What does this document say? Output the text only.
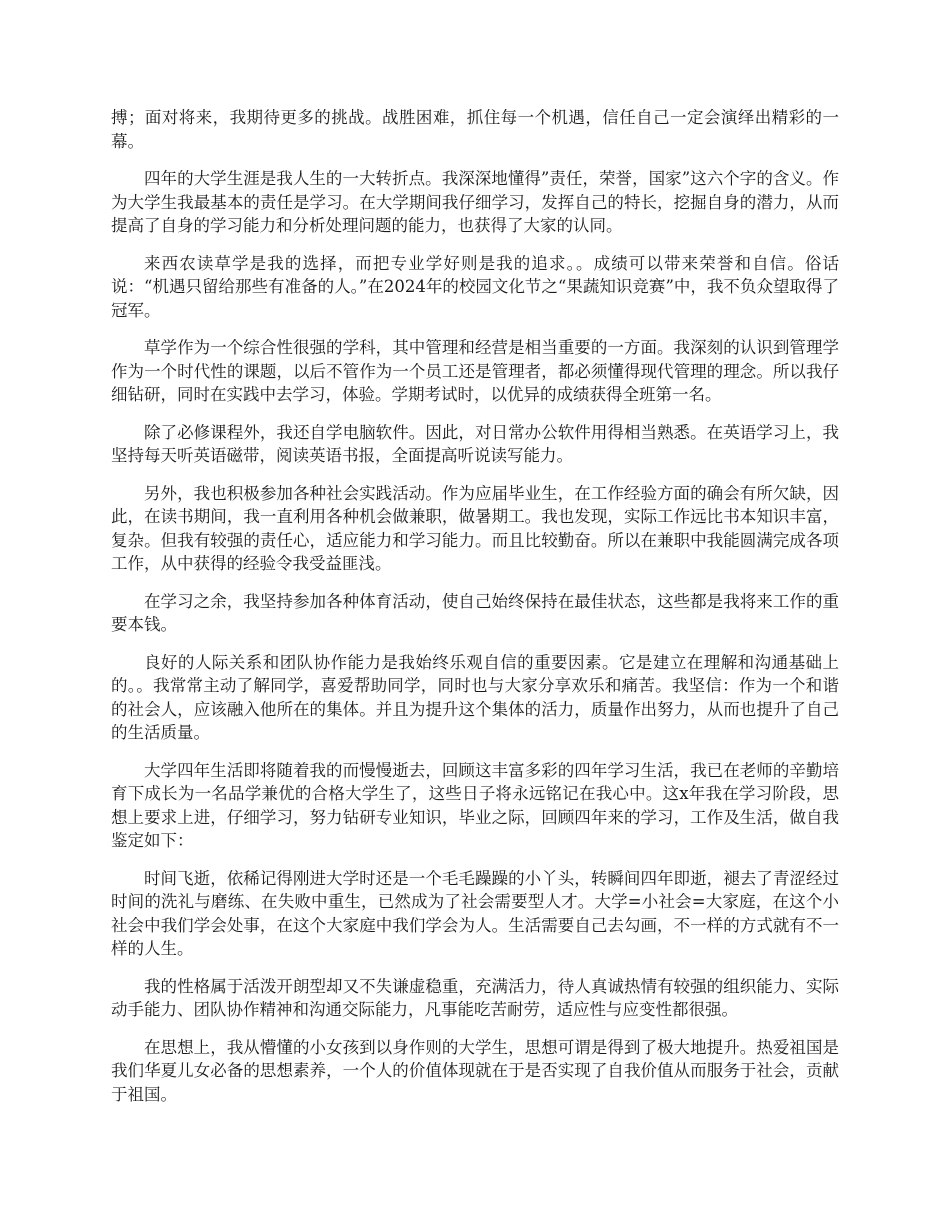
搏；面对将来，我期待更多的挑战。战胜困难，抓住每一个机遇，信任自己一定会演绎出精彩的一幕。

四年的大学生涯是我人生的一大转折点。我深深地懂得”责任，荣誉，国家”这六个字的含义。作为大学生我最基本的责任是学习。在大学期间我仔细学习，发挥自己的特长，挖掘自身的潜力，从而提高了自身的学习能力和分析处理问题的能力，也获得了大家的认同。

来西农读草学是我的选择，而把专业学好则是我的追求。。成绩可以带来荣誉和自信。俗话说：“机遇只留给那些有准备的人。”在2024年的校园文化节之“果蔬知识竞赛”中，我不负众望取得了冠军。

草学作为一个综合性很强的学科，其中管理和经营是相当重要的一方面。我深刻的认识到管理学作为一个时代性的课题，以后不管作为一个员工还是管理者，都必须懂得现代管理的理念。所以我仔细钻研，同时在实践中去学习，体验。学期考试时，以优异的成绩获得全班第一名。

除了必修课程外，我还自学电脑软件。因此，对日常办公软件用得相当熟悉。在英语学习上，我坚持每天听英语磁带，阅读英语书报，全面提高听说读写能力。

另外，我也积极参加各种社会实践活动。作为应届毕业生，在工作经验方面的确会有所欠缺，因此，在读书期间，我一直利用各种机会做兼职，做暑期工。我也发现，实际工作远比书本知识丰富，复杂。但我有较强的责任心，适应能力和学习能力。而且比较勤奋。所以在兼职中我能圆满完成各项工作，从中获得的经验令我受益匪浅。

在学习之余，我坚持参加各种体育活动，使自己始终保持在最佳状态，这些都是我将来工作的重要本钱。

良好的人际关系和团队协作能力是我始终乐观自信的重要因素。它是建立在理解和沟通基础上的。。我常常主动了解同学，喜爱帮助同学，同时也与大家分享欢乐和痛苦。我坚信：作为一个和谐的社会人，应该融入他所在的集体。并且为提升这个集体的活力，质量作出努力，从而也提升了自己的生活质量。

大学四年生活即将随着我的而慢慢逝去，回顾这丰富多彩的四年学习生活，我已在老师的辛勤培育下成长为一名品学兼优的合格大学生了，这些日子将永远铭记在我心中。这x年我在学习阶段，思想上要求上进，仔细学习，努力钻研专业知识，毕业之际，回顾四年来的学习，工作及生活，做自我鉴定如下：

时间飞逝，依稀记得刚进大学时还是一个毛毛躁躁的小丫头，转瞬间四年即逝，褪去了青涩经过时间的洗礼与磨练、在失败中重生，已然成为了社会需要型人才。大学=小社会=大家庭，在这个小社会中我们学会处事，在这个大家庭中我们学会为人。生活需要自己去勾画，不一样的方式就有不一样的人生。

我的性格属于活泼开朗型却又不失谦虚稳重，充满活力，待人真诚热情有较强的组织能力、实际动手能力、团队协作精神和沟通交际能力，凡事能吃苦耐劳，适应性与应变性都很强。

在思想上，我从懵懂的小女孩到以身作则的大学生，思想可谓是得到了极大地提升。热爱祖国是我们华夏儿女必备的思想素养，一个人的价值体现就在于是否实现了自我价值从而服务于社会，贡献于祖国。
